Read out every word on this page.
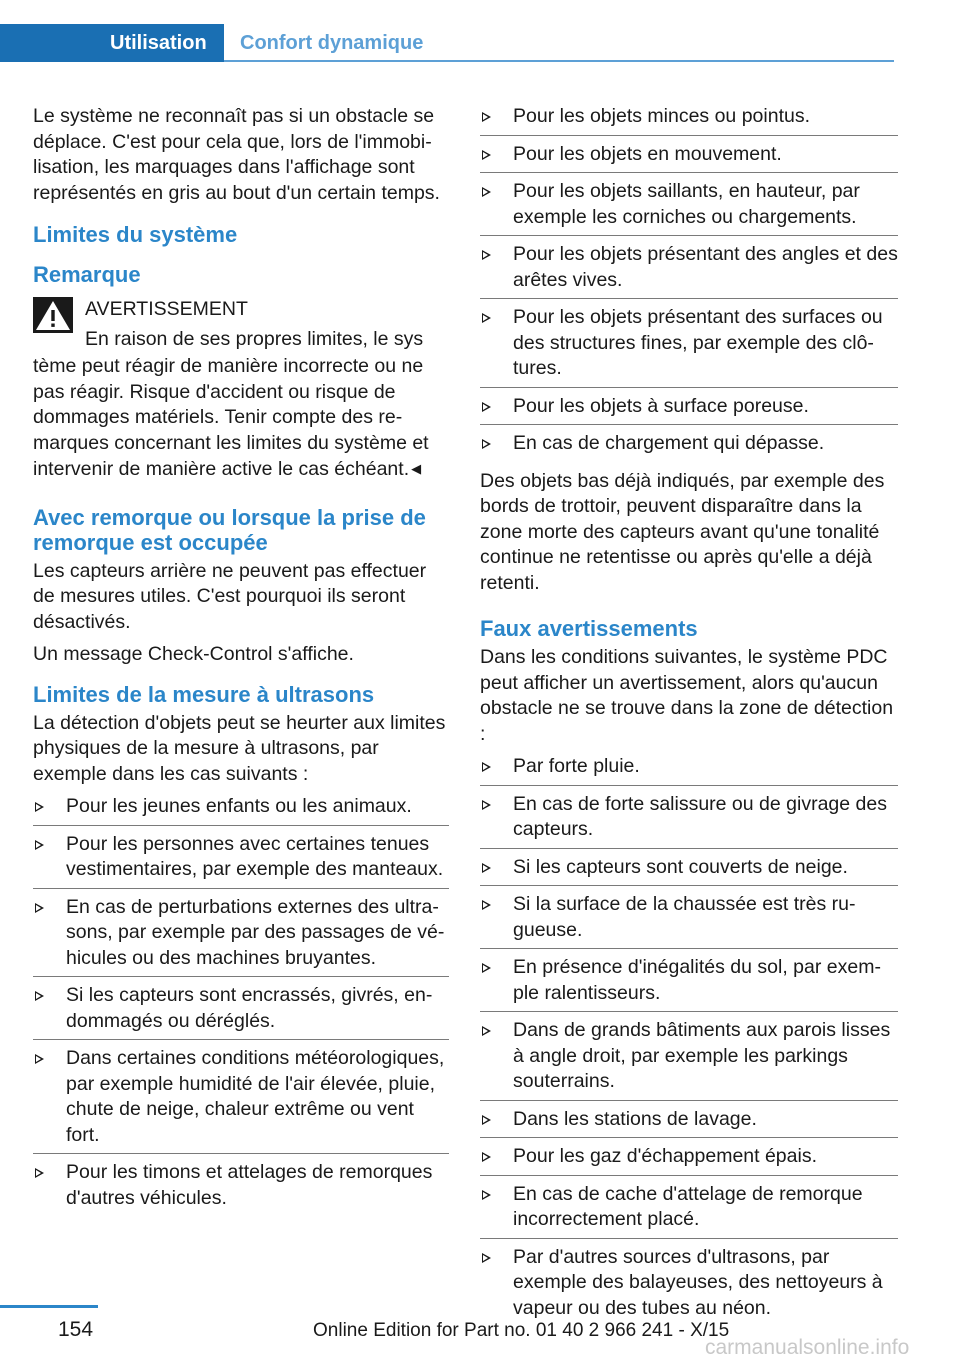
Utilisation	Confort dynamique

Le système ne reconnaît pas si un obstacle se déplace. C'est pour cela que, lors de l'immobilisation, les marquages dans l'affichage sont représentés en gris au bout d'un certain temps.

Limites du système
Remarque

AVERTISSEMENT

En raison de ses propres limites, le sys

tème peut réagir de manière incorrecte ou ne pas réagir. Risque d'accident ou risque de dommages matériels. Tenir compte des remarques concernant les limites du système et intervenir de manière active le cas échéant. ◀

Avec remorque ou lorsque la prise de remorque est occupée

Les capteurs arrière ne peuvent pas effectuer de mesures utiles. C'est pourquoi ils seront désactivés.

Un message Check-Control s'affiche.

Limites de la mesure à ultrasons

La détection d'objets peut se heurter aux limites physiques de la mesure à ultrasons, par exemple dans les cas suivants :

Pour les jeunes enfants ou les animaux.
Pour les personnes avec certaines tenues vestimentaires, par exemple des manteaux.
En cas de perturbations externes des ultrasons, par exemple par des passages de véhicules ou des machines bruyantes.
Si les capteurs sont encrassés, givrés, endommagés ou déréglés.
Dans certaines conditions météorologiques, par exemple humidité de l'air élevée, pluie, chute de neige, chaleur extrême ou vent fort.
Pour les timons et attelages de remorques d'autres véhicules.
Pour les objets minces ou pointus.
Pour les objets en mouvement.
Pour les objets saillants, en hauteur, par exemple les corniches ou chargements.
Pour les objets présentant des angles et des arêtes vives.
Pour les objets présentant des surfaces ou des structures fines, par exemple des clôtures.
Pour les objets à surface poreuse.
En cas de chargement qui dépasse.

Des objets bas déjà indiqués, par exemple des bords de trottoir, peuvent disparaître dans la zone morte des capteurs avant qu'une tonalité continue ne retentisse ou après qu'elle a déjà retenti.

Faux avertissements

Dans les conditions suivantes, le système PDC peut afficher un avertissement, alors qu'aucun obstacle ne se trouve dans la zone de détection :

Par forte pluie.
En cas de forte salissure ou de givrage des capteurs.
Si les capteurs sont couverts de neige.
Si la surface de la chaussée est très rugueuse.
En présence d'inégalités du sol, par exemple ralentisseurs.
Dans de grands bâtiments aux parois lisses à angle droit, par exemple les parkings souterrains.
Dans les stations de lavage.
Pour les gaz d'échappement épais.
En cas de cache d'attelage de remorque incorrectement placé.
Par d'autres sources d'ultrasons, par exemple des balayeuses, des nettoyeurs à vapeur ou des tubes au néon.
154	Online Edition for Part no. 01 40 2 966 241 - X/15
carmanualsonline.info
